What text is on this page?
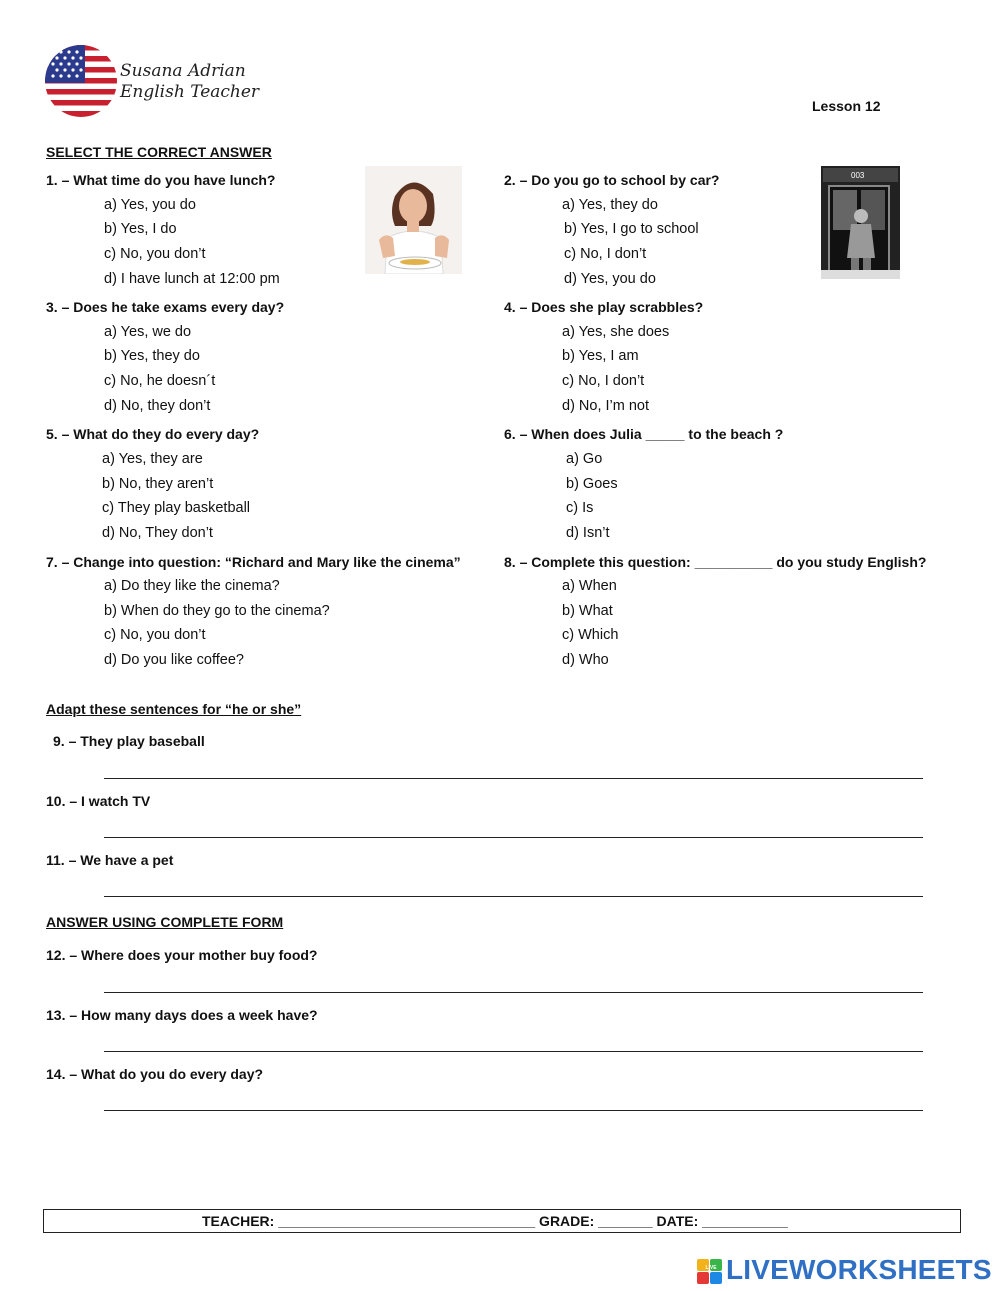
Susana Adrian
English Teacher
Lesson 12
SELECT THE CORRECT ANSWER
1. – What time do you have lunch?
a) Yes, you do
b) Yes, I do
c) No, you don’t
d) I have lunch at 12:00 pm
2. – Do you go to school by car?
a) Yes, they do
b) Yes, I go to school
c) No, I don’t
d) Yes, you do
003
3. – Does he take exams every day?
a) Yes, we do
b) Yes, they do
c) No, he doesn´t
d) No, they don’t
4. – Does she play scrabbles?
a) Yes, she does
b) Yes, I am
c) No, I don’t
d) No, I’m not
5. – What do they do every day?
a) Yes, they are
b) No, they aren’t
c) They play basketball
d) No, They don’t
6. – When does Julia _____ to the beach ?
a) Go
b) Goes
c) Is
d) Isn’t
7. – Change into question: “Richard and Mary like the cinema”
a) Do they like the cinema?
b) When do they go to the cinema?
c) No, you don’t
d) Do you like coffee?
8. – Complete this question: __________ do you study English?
a) When
b) What
c) Which
d) Who
Adapt these sentences for “he or she”
9. – They play baseball
10. – I watch TV
11. – We have a pet
ANSWER USING COMPLETE FORM
12. – Where does your mother buy food?
13. – How many days does a week have?
14. – What do you do every day?
TEACHER: _________________________________ GRADE: _______ DATE: ___________
LIVE LIVEWORKSHEETS
